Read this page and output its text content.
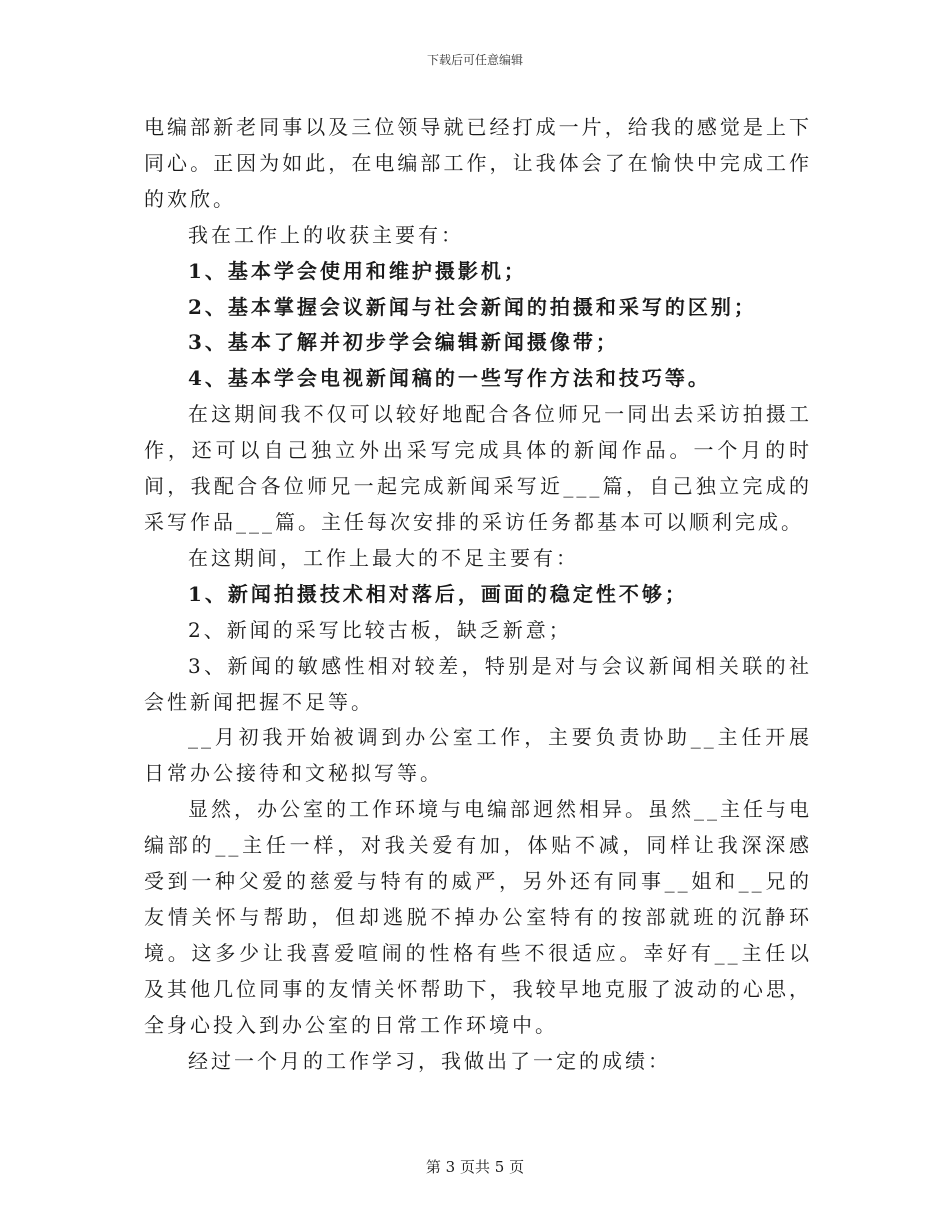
下载后可任意编辑

电编部新老同事以及三位领导就已经打成一片，给我的感觉是上下同心。正因为如此，在电编部工作，让我体会了在愉快中完成工作的欢欣。

我在工作上的收获主要有：

1、基本学会使用和维护摄影机；

2、基本掌握会议新闻与社会新闻的拍摄和采写的区别；

3、基本了解并初步学会编辑新闻摄像带；

4、基本学会电视新闻稿的一些写作方法和技巧等。

在这期间我不仅可以较好地配合各位师兄一同出去采访拍摄工作，还可以自己独立外出采写完成具体的新闻作品。一个月的时间，我配合各位师兄一起完成新闻采写近___篇，自己独立完成的采写作品___篇。主任每次安排的采访任务都基本可以顺利完成。

在这期间，工作上最大的不足主要有：

1、新闻拍摄技术相对落后，画面的稳定性不够；

2、新闻的采写比较古板，缺乏新意；

3、新闻的敏感性相对较差，特别是对与会议新闻相关联的社会性新闻把握不足等。

__月初我开始被调到办公室工作，主要负责协助__主任开展日常办公接待和文秘拟写等。

显然，办公室的工作环境与电编部迥然相异。虽然__主任与电编部的__主任一样，对我关爱有加，体贴不减，同样让我深深感受到一种父爱的慈爱与特有的威严，另外还有同事__姐和__兄的友情关怀与帮助，但却逃脱不掉办公室特有的按部就班的沉静环境。这多少让我喜爱喧闹的性格有些不很适应。幸好有__主任以及其他几位同事的友情关怀帮助下，我较早地克服了波动的心思，全身心投入到办公室的日常工作环境中。

经过一个月的工作学习，我做出了一定的成绩：

第 3 页共 5 页
